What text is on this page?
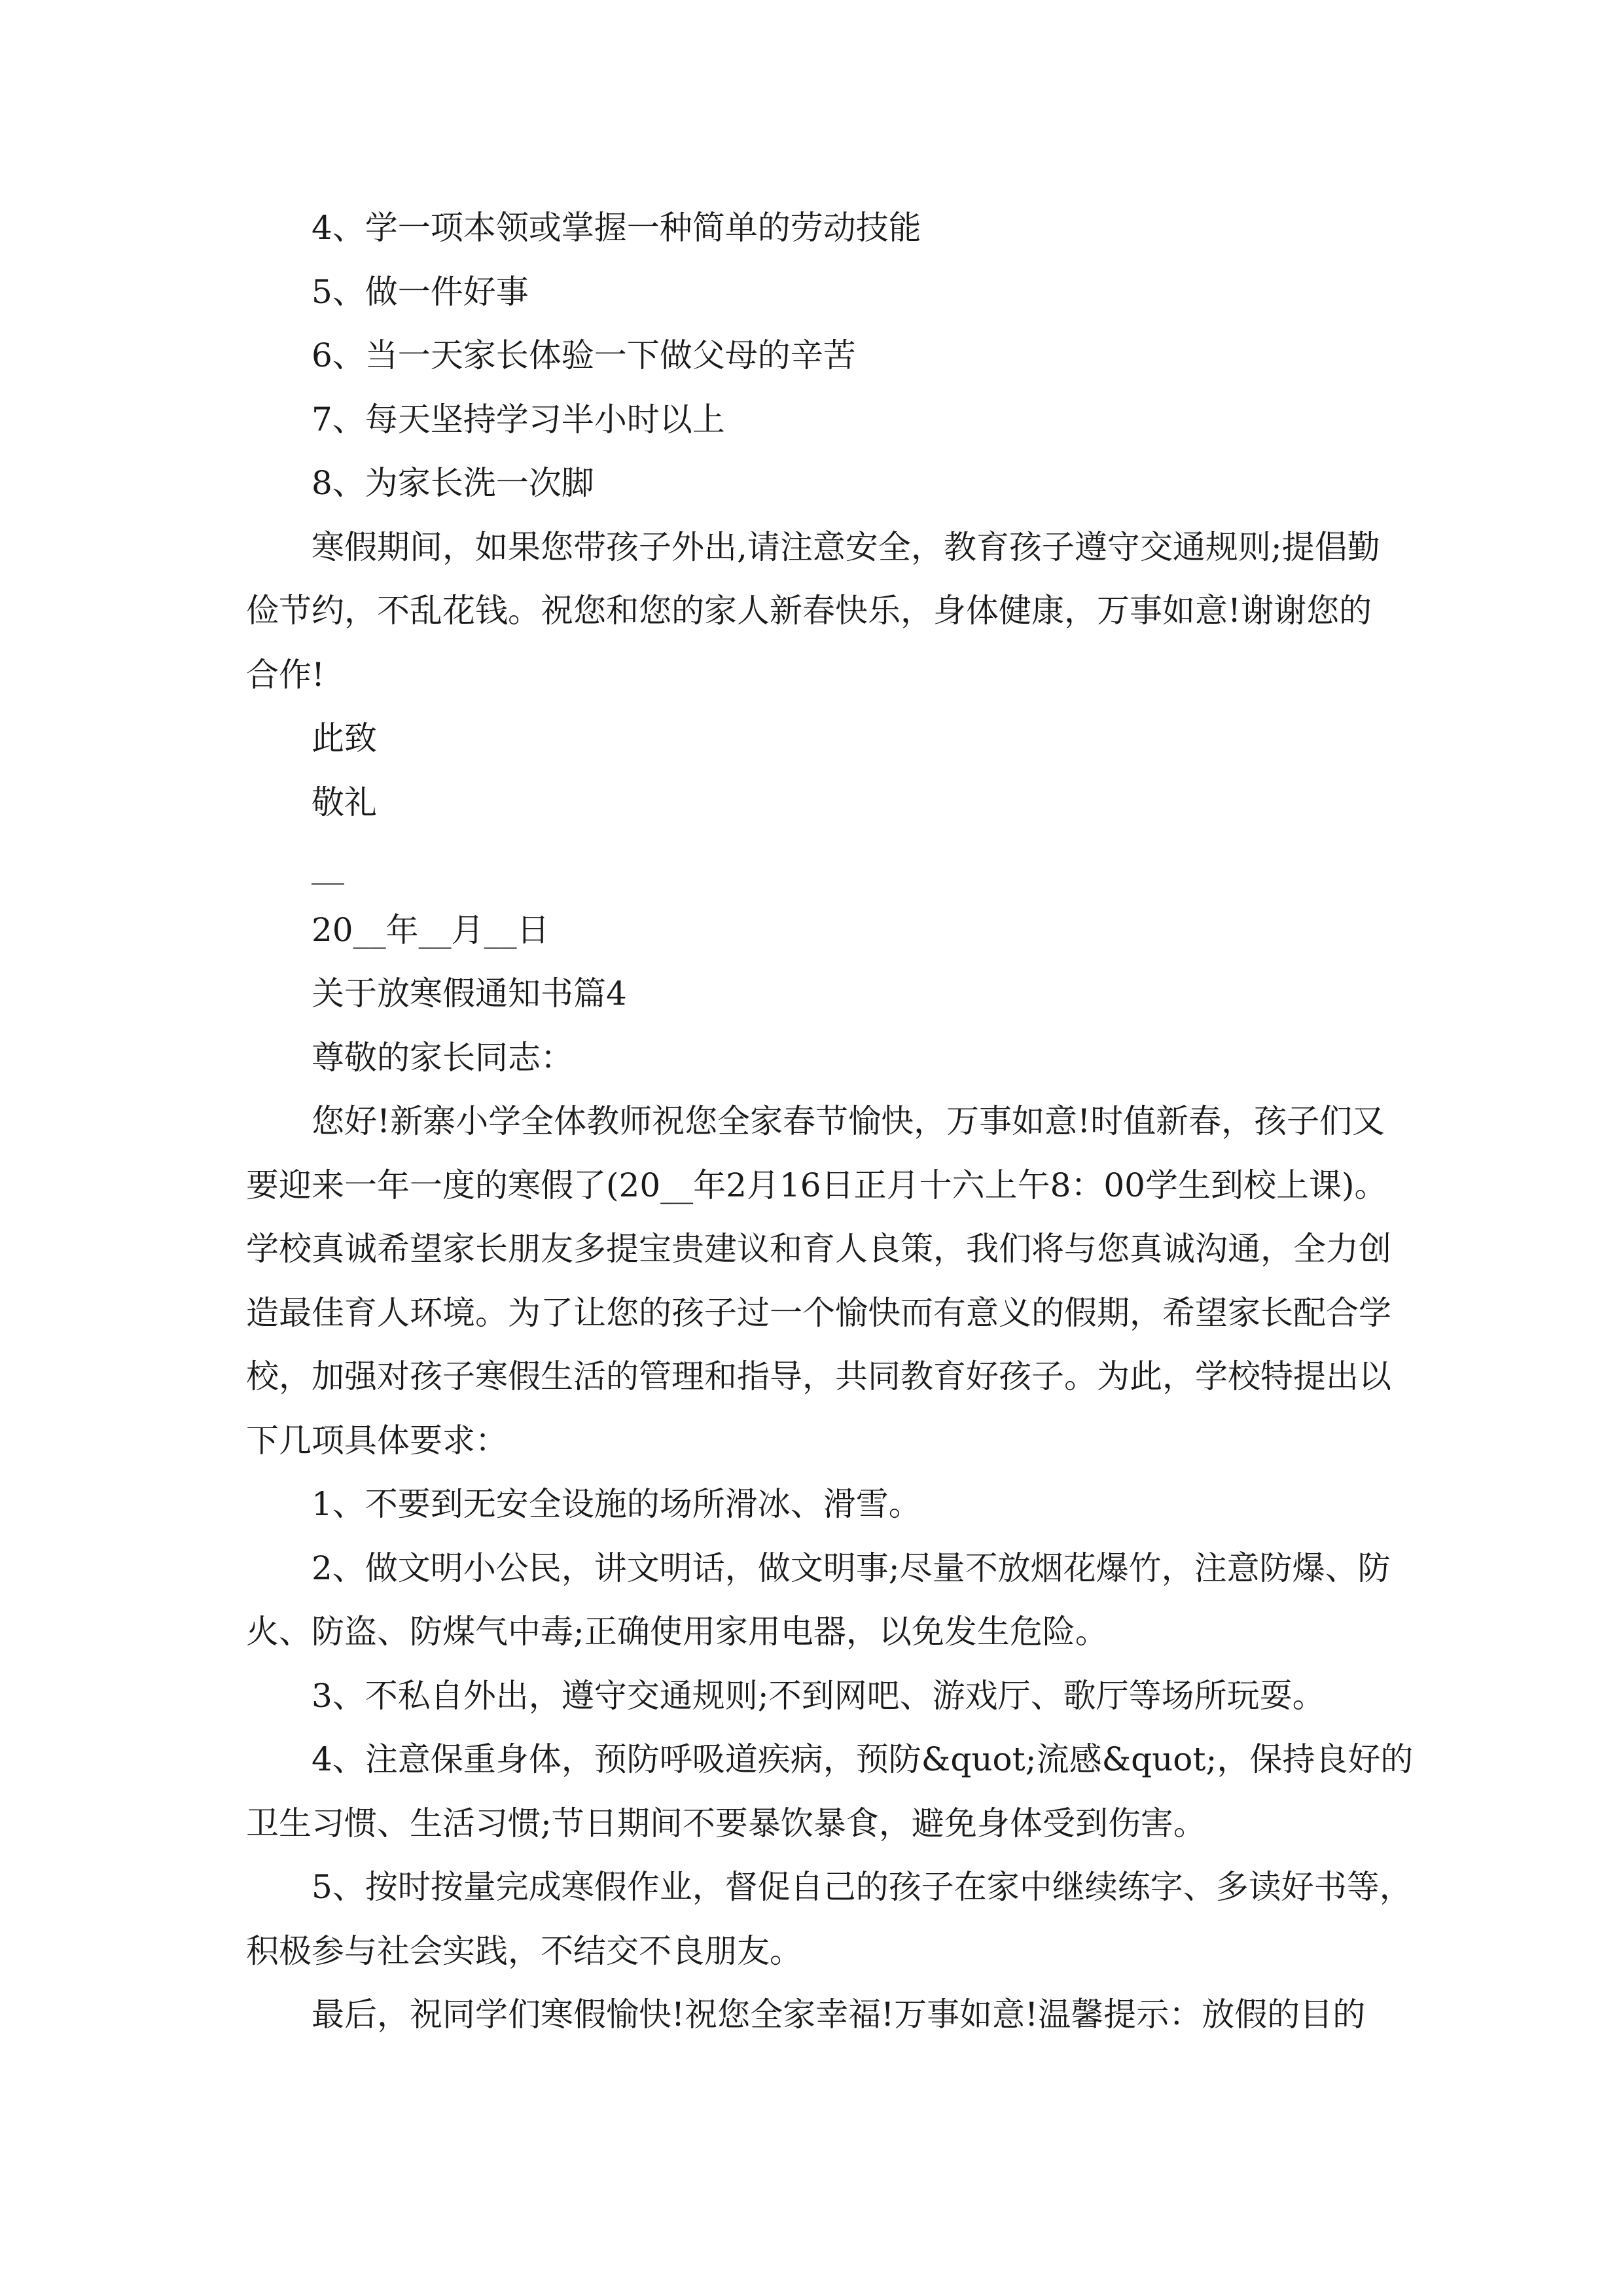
4、学一项本领或掌握一种简单的劳动技能
5、做一件好事
6、当一天家长体验一下做父母的辛苦
7、每天坚持学习半小时以上
8、为家长洗一次脚
寒假期间，如果您带孩子外出,请注意安全，教育孩子遵守交通规则;提倡勤
俭节约，不乱花钱。祝您和您的家人新春快乐，身体健康，万事如意!谢谢您的
合作!
此致
敬礼
__
20__年__月__日
关于放寒假通知书篇4
尊敬的家长同志：
您好!新寨小学全体教师祝您全家春节愉快，万事如意!时值新春，孩子们又
要迎来一年一度的寒假了(20__年2月16日正月十六上午8：00学生到校上课)。
学校真诚希望家长朋友多提宝贵建议和育人良策，我们将与您真诚沟通，全力创
造最佳育人环境。为了让您的孩子过一个愉快而有意义的假期，希望家长配合学
校，加强对孩子寒假生活的管理和指导，共同教育好孩子。为此，学校特提出以
下几项具体要求：
1、不要到无安全设施的场所滑冰、滑雪。
2、做文明小公民，讲文明话，做文明事;尽量不放烟花爆竹，注意防爆、防
火、防盗、防煤气中毒;正确使用家用电器，以免发生危险。
3、不私自外出，遵守交通规则;不到网吧、游戏厅、歌厅等场所玩耍。
4、注意保重身体，预防呼吸道疾病，预防&quot;流感&quot;，保持良好的
卫生习惯、生活习惯;节日期间不要暴饮暴食，避免身体受到伤害。
5、按时按量完成寒假作业，督促自己的孩子在家中继续练字、多读好书等，
积极参与社会实践，不结交不良朋友。
最后，祝同学们寒假愉快!祝您全家幸福!万事如意!温馨提示：放假的目的
